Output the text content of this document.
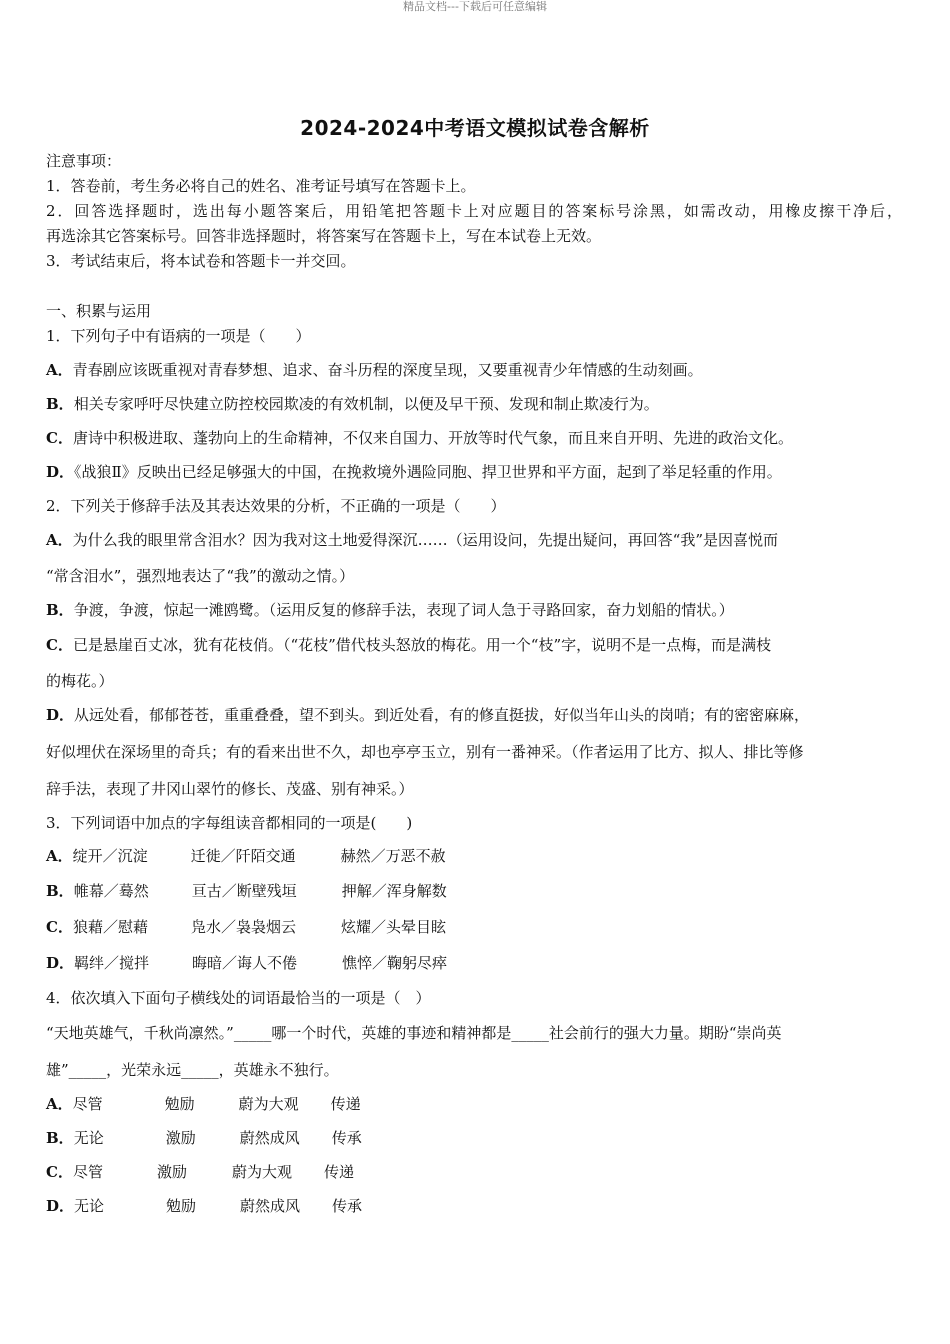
精品文档---下载后可任意编辑
2024-2024中考语文模拟试卷含解析
注意事项：
1．答卷前，考生务必将自己的姓名、准考证号填写在答题卡上。
2．回答选择题时，选出每小题答案后，用铅笔把答题卡上对应题目的答案标号涂黑，如需改动，用橡皮擦干净后，
再选涂其它答案标号。回答非选择题时，将答案写在答题卡上，写在本试卷上无效。
3．考试结束后，将本试卷和答题卡一并交回。
一、积累与运用
1．下列句子中有语病的一项是（　　）
A．青春剧应该既重视对青春梦想、追求、奋斗历程的深度呈现，又要重视青少年情感的生动刻画。
B．相关专家呼吁尽快建立防控校园欺凌的有效机制，以便及早干预、发现和制止欺凌行为。
C．唐诗中积极进取、蓬勃向上的生命精神，不仅来自国力、开放等时代气象，而且来自开明、先进的政治文化。
D．《战狼Ⅱ》反映出已经足够强大的中国，在挽救境外遇险同胞、捍卫世界和平方面，起到了举足轻重的作用。
2．下列关于修辞手法及其表达效果的分析，不正确的一项是（　　）
A．为什么我的眼里常含泪水？因为我对这土地爱得深沉……（运用设问，先提出疑问，再回答“我”是因喜悦而
“常含泪水”，强烈地表达了“我”的激动之情。）
B．争渡，争渡，惊起一滩鸥鹭。（运用反复的修辞手法，表现了词人急于寻路回家，奋力划船的情状。）
C．已是悬崖百丈冰，犹有花枝俏。（“花枝”借代枝头怒放的梅花。用一个“枝”字，说明不是一点梅，而是满枝
的梅花。）
D．从远处看，郁郁苍苍，重重叠叠，望不到头。到近处看，有的修直挺拔，好似当年山头的岗哨；有的密密麻麻，
好似埋伏在深场里的奇兵；有的看来出世不久，却也亭亭玉立，别有一番神采。（作者运用了比方、拟人、排比等修
辞手法，表现了井冈山翠竹的修长、茂盛、别有神采。）
3．下列词语中加点的字每组读音都相同的一项是(　　)
A．绽开／沉淀	迁徙／阡陌交通	赫然／万恶不赦
B．帷幕／蓦然	亘古／断壁残垣	押解／浑身解数
C．狼藉／慰藉	凫水／袅袅烟云	炫耀／头晕目眩
D．羁绊／搅拌	晦暗／诲人不倦	憔悴／鞠躬尽瘁
4．依次填入下面句子横线处的词语最恰当的一项是（　）
“天地英雄气，千秋尚凛然。”_____哪一个时代，英雄的事迹和精神都是_____社会前行的强大力量。期盼“崇尚英
雄”_____，光荣永远_____，英雄永不独行。
A．尽管	勉励	蔚为大观 传递
B．无论	激励	蔚然成风 传承
C．尽管	激励	蔚为大观 传递
D．无论	勉励	蔚然成风 传承
